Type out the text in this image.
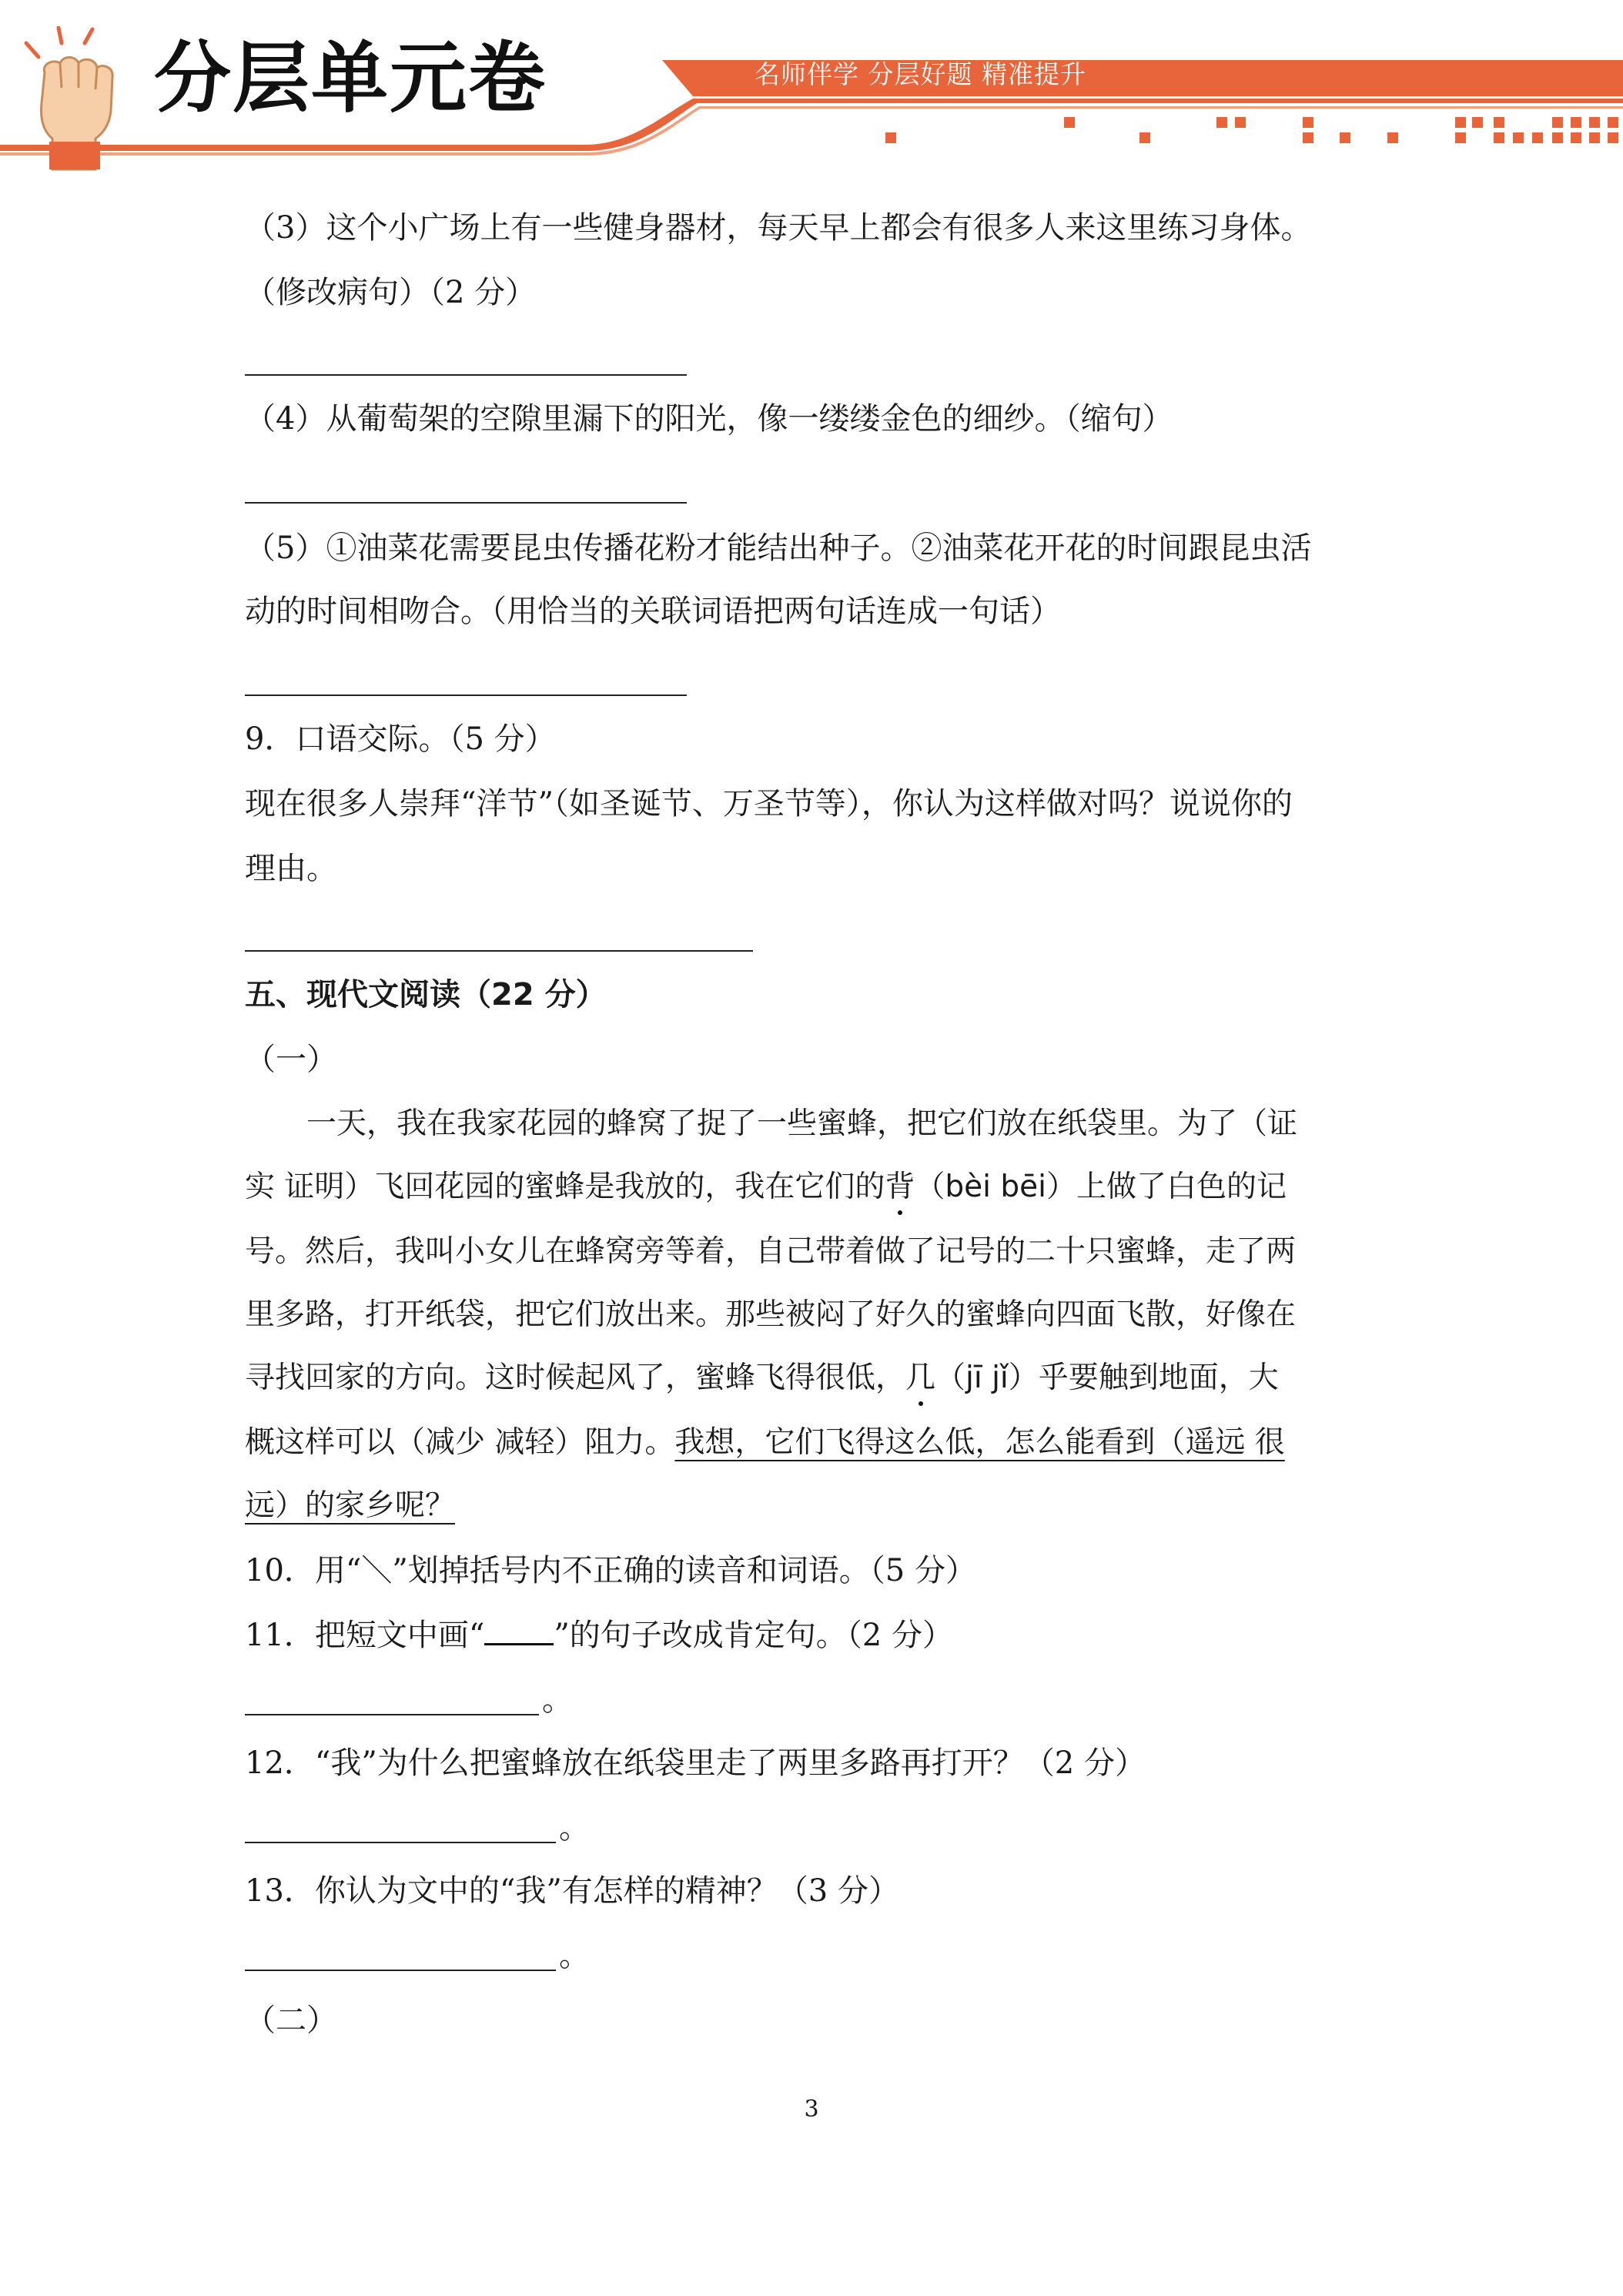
分层单元卷	名师伴学 分层好题 精准提升
（3）这个小广场上有一些健身器材，每天早上都会有很多人来这里练习身体。
（修改病句）（2 分）
（4）从葡萄架的空隙里漏下的阳光，像一缕缕金色的细纱。（缩句）
（5）①油菜花需要昆虫传播花粉才能结出种子。②油菜花开花的时间跟昆虫活
动的时间相吻合。（用恰当的关联词语把两句话连成一句话）
9．口语交际。（5 分）
现在很多人崇拜“洋节”（如圣诞节、万圣节等），你认为这样做对吗？说说你的
理由。
五、现代文阅读（22 分）
（一）
一天，我在我家花园的蜂窝了捉了一些蜜蜂，把它们放在纸袋里。为了（证
实 证明）飞回花园的蜜蜂是我放的，我在它们的背（bèi bēi）上做了白色的记
号。然后，我叫小女儿在蜂窝旁等着，自己带着做了记号的二十只蜜蜂，走了两
里多路，打开纸袋，把它们放出来。那些被闷了好久的蜜蜂向四面飞散，好像在
寻找回家的方向。这时候起风了，蜜蜂飞得很低，几（jī jǐ）乎要触到地面，大
概这样可以（减少 减轻）阻力。我想，它们飞得这么低，怎么能看到（遥远 很
远）的家乡呢？
10．用“＼”划掉括号内不正确的读音和词语。（5 分）
11．把短文中画“ ”的句子改成肯定句。（2 分）
。
12．“我”为什么把蜜蜂放在纸袋里走了两里多路再打开？（2 分）
。
13．你认为文中的“我”有怎样的精神？（3 分）
。
（二）
3
